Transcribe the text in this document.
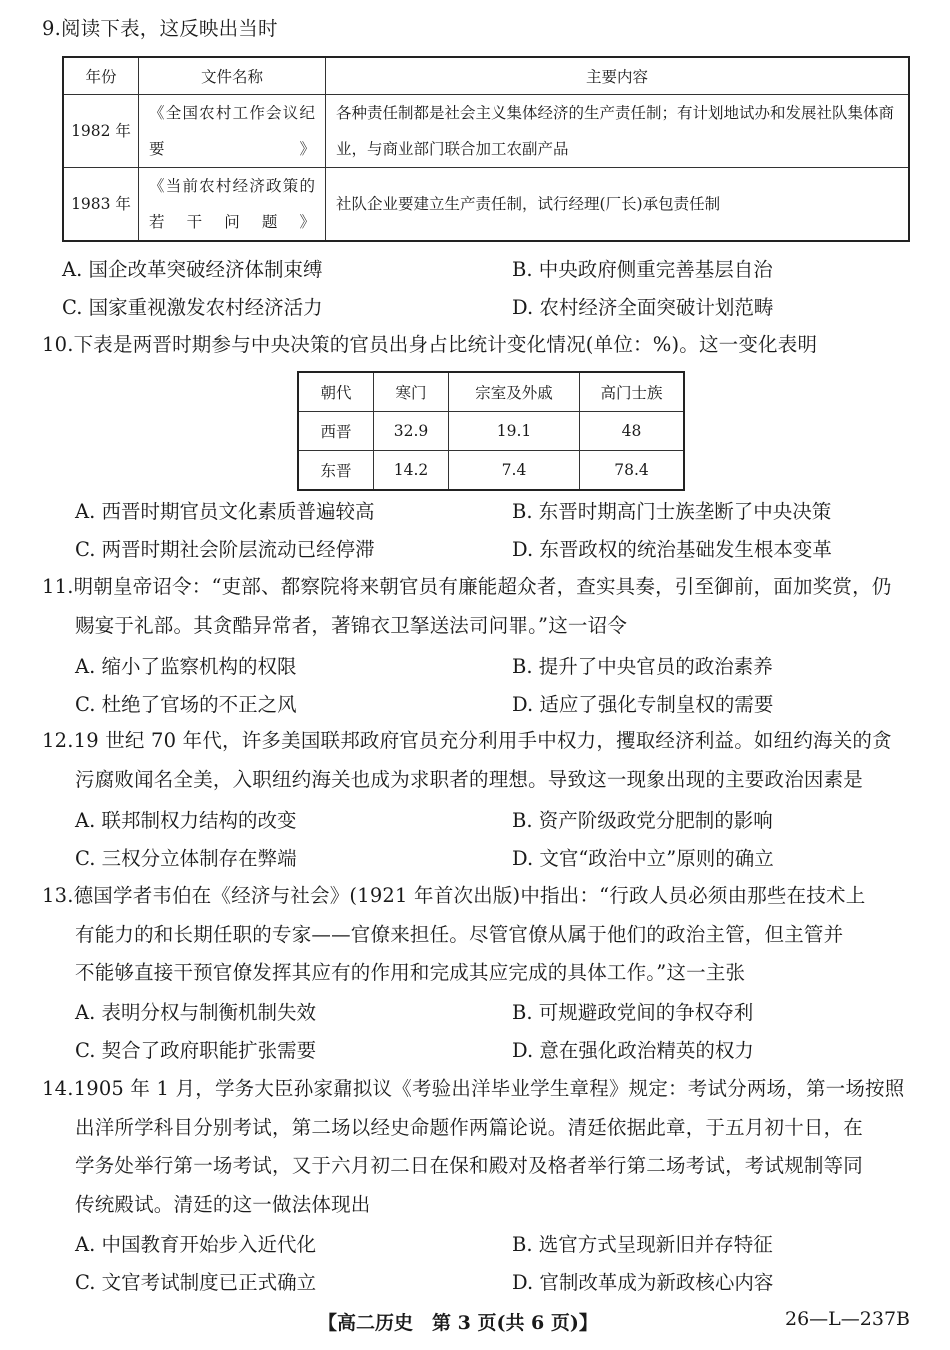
9.阅读下表，这反映出当时
年份	文件名称	主要内容
1982 年	《全国农村工作会议纪要》	各种责任制都是社会主义集体经济的生产责任制；有计划地试办和发展社队集体商业，与商业部门联合加工农副产品
1983 年	《当前农村经济政策的若干问题》	社队企业要建立生产责任制，试行经理(厂长)承包责任制
A. 国企改革突破经济体制束缚	B. 中央政府侧重完善基层自治
C. 国家重视激发农村经济活力	D. 农村经济全面突破计划范畴
10.下表是两晋时期参与中央决策的官员出身占比统计变化情况(单位：%)。这一变化表明
朝代	寒门	宗室及外戚	高门士族
西晋	32.9	19.1	48
东晋	14.2	7.4	78.4
A. 西晋时期官员文化素质普遍较高	B. 东晋时期高门士族垄断了中央决策
C. 两晋时期社会阶层流动已经停滞	D. 东晋政权的统治基础发生根本变革
11.明朝皇帝诏令：“吏部、都察院将来朝官员有廉能超众者，查实具奏，引至御前，面加奖赏，仍
赐宴于礼部。其贪酷异常者，著锦衣卫拏送法司问罪。”这一诏令
A. 缩小了监察机构的权限	B. 提升了中央官员的政治素养
C. 杜绝了官场的不正之风	D. 适应了强化专制皇权的需要
12.19 世纪 70 年代，许多美国联邦政府官员充分利用手中权力，攫取经济利益。如纽约海关的贪
污腐败闻名全美，入职纽约海关也成为求职者的理想。导致这一现象出现的主要政治因素是
A. 联邦制权力结构的改变	B. 资产阶级政党分肥制的影响
C. 三权分立体制存在弊端	D. 文官“政治中立”原则的确立
13.德国学者韦伯在《经济与社会》(1921 年首次出版)中指出：“行政人员必须由那些在技术上
有能力的和长期任职的专家——官僚来担任。尽管官僚从属于他们的政治主管，但主管并
不能够直接干预官僚发挥其应有的作用和完成其应完成的具体工作。”这一主张
A. 表明分权与制衡机制失效	B. 可规避政党间的争权夺利
C. 契合了政府职能扩张需要	D. 意在强化政治精英的权力
14.1905 年 1 月，学务大臣孙家鼐拟议《考验出洋毕业学生章程》规定：考试分两场，第一场按照
出洋所学科目分别考试，第二场以经史命题作两篇论说。清廷依据此章，于五月初十日，在
学务处举行第一场考试，又于六月初二日在保和殿对及格者举行第二场考试，考试规制等同
传统殿试。清廷的这一做法体现出
A. 中国教育开始步入近代化	B. 选官方式呈现新旧并存特征
C. 文官考试制度已正式确立	D. 官制改革成为新政核心内容
【高二历史　第 3 页(共 6 页)】	26—L—237B
